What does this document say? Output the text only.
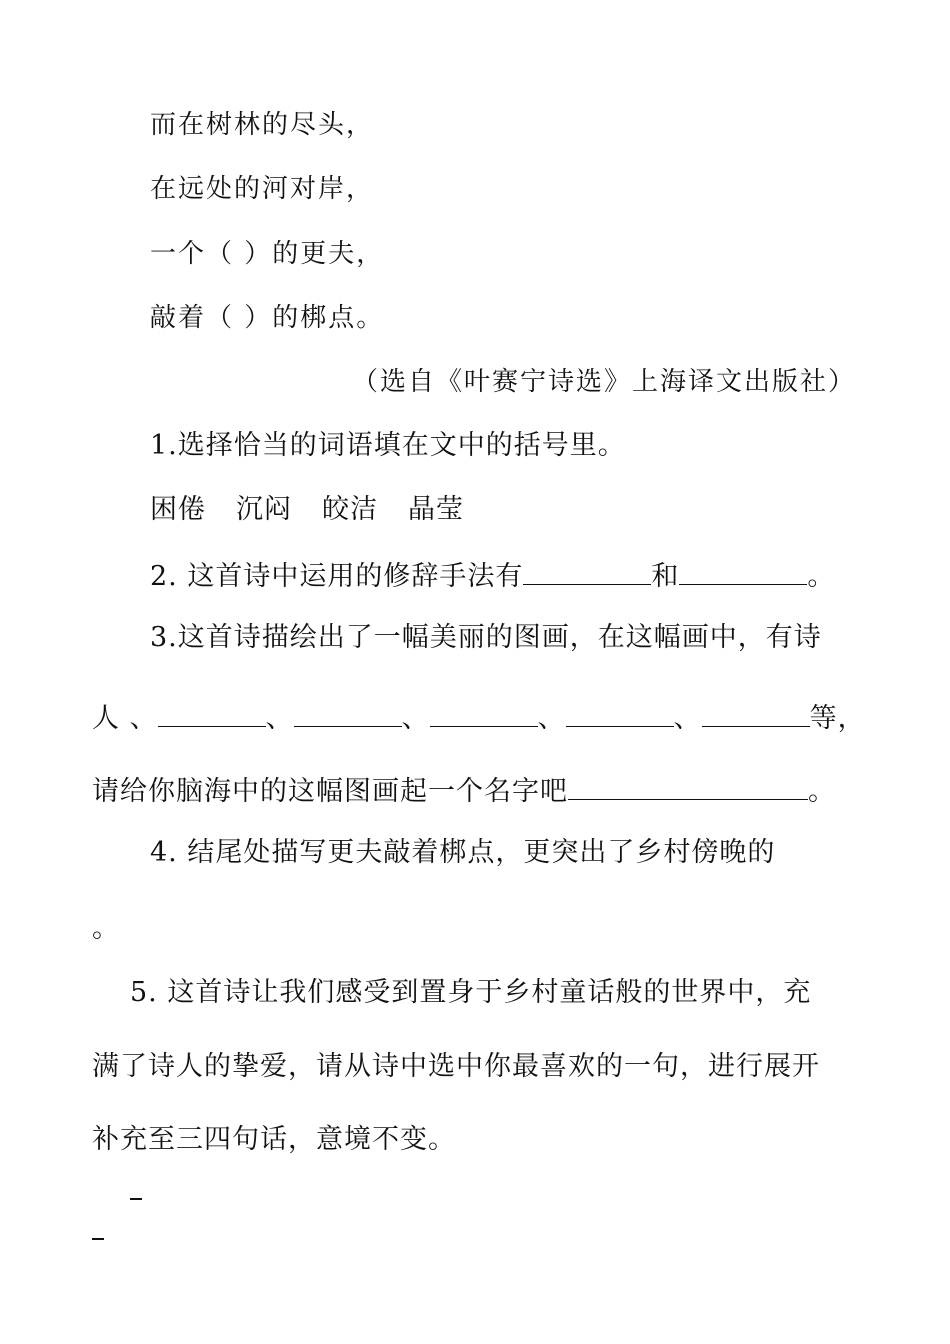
而在树林的尽头，
在远处的河对岸，
一个（ ）的更夫，
敲着（ ）的梆点。
（选自《叶赛宁诗选》上海译文出版社）
1.选择恰当的词语填在文中的括号里。
困倦 沉闷 皎洁 晶莹
2. 这首诗中运用的修辞手法有	和	。
3.这首诗描绘出了一幅美丽的图画，在这幅画中，有诗
人 、	、	、	、	、	等，
请给你脑海中的这幅图画起一个名字吧	。
4. 结尾处描写更夫敲着梆点，更突出了乡村傍晚的
。
5. 这首诗让我们感受到置身于乡村童话般的世界中，充
满了诗人的挚爱，请从诗中选中你最喜欢的一句，进行展开
补充至三四句话，意境不变。
